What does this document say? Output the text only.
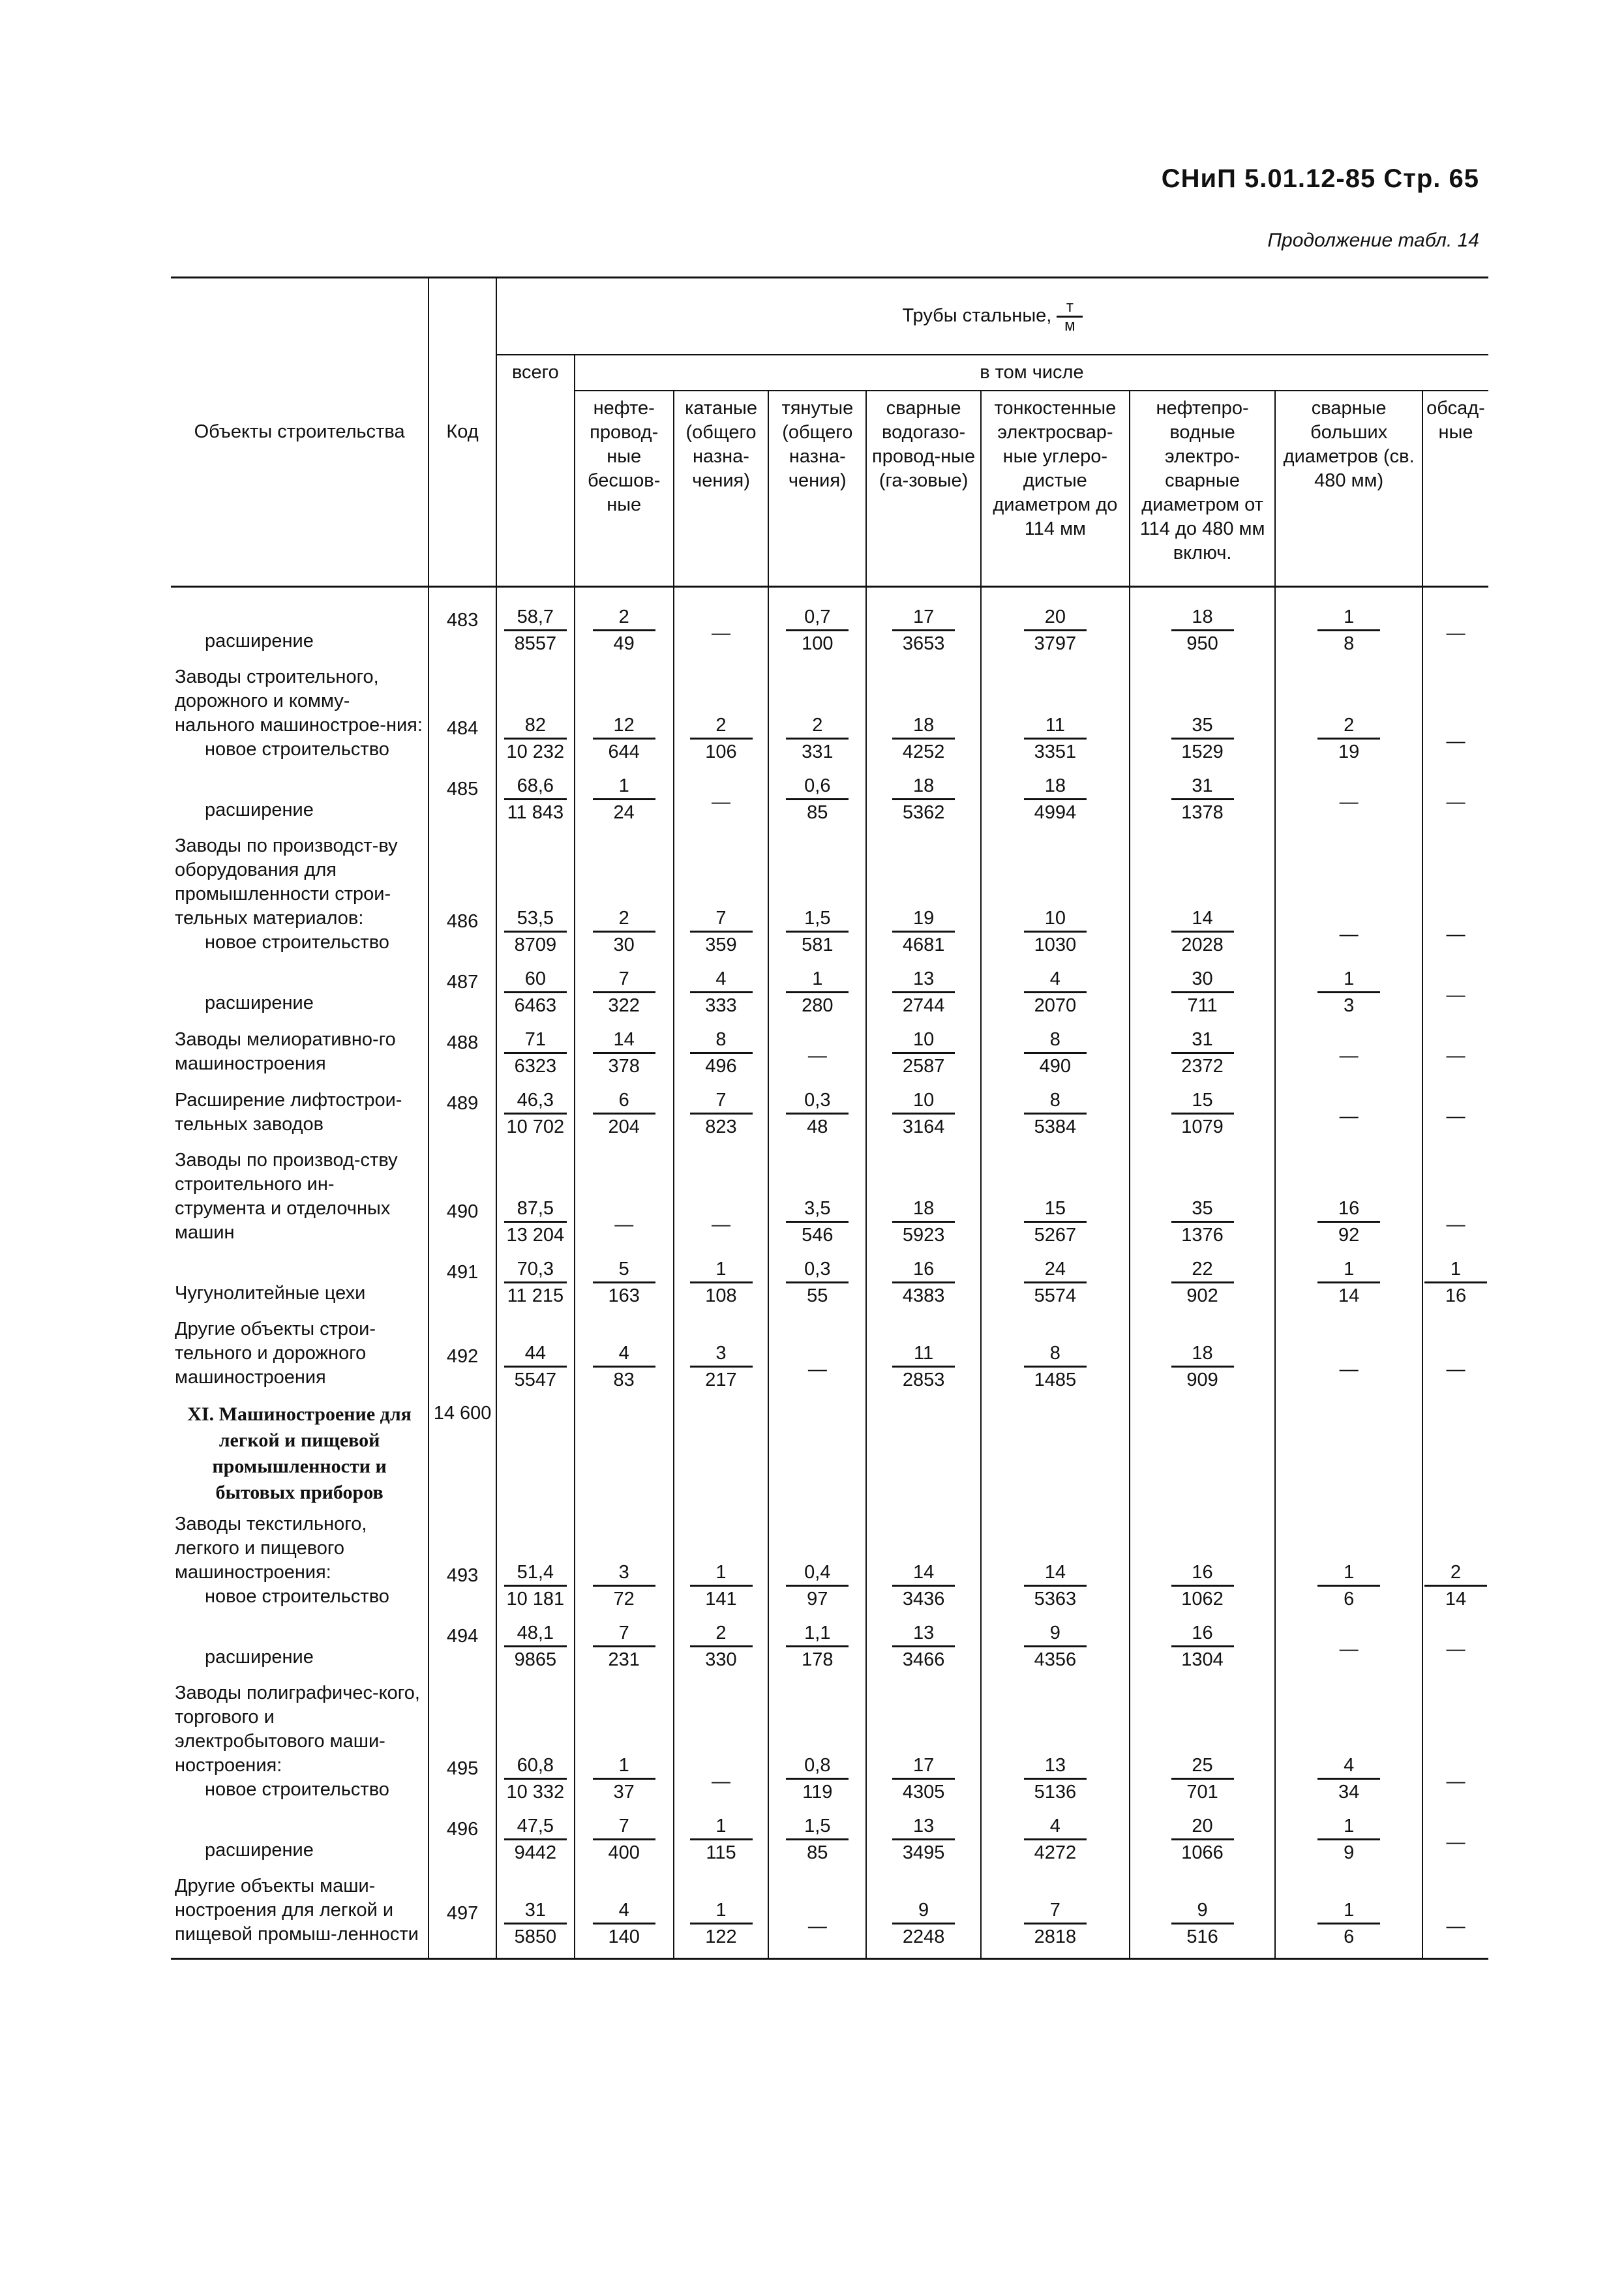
СНиП 5.01.12-85 Стр. 65
Продолжение табл. 14
Объекты строительства	Код	Трубы стальные, $\frac{т}{м}$

		всего	в том числе							
			нефте-провод-ные бесшов-ные	катаные (общего назна-чения)	тянутые (общего назна-чения)	сварные водогазо-провод-ные (га-зовые)	тонкостенные электросвар-ные углеро-дистые диаметром до 114 мм	нефтепро-водные электро-сварные диаметром от 114 до 480 мм включ.	сварные больших диаметров (св. 480 мм)	обсад-ные

расширение	483	$\frac{58,7}{8557}$	$\frac{2}{49}$	—	$\frac{0,7}{100}$	$\frac{17}{3653}$	$\frac{20}{3797}$	$\frac{18}{950}$	$\frac{1}{8}$	—

Заводы строительного, дорожного и комму-нального машинострое-ния:
новое строительство	484	$\frac{82}{10 232}$	$\frac{12}{644}$	$\frac{2}{106}$	$\frac{2}{331}$	$\frac{18}{4252}$	$\frac{11}{3351}$	$\frac{35}{1529}$	$\frac{2}{19}$	—

расширение	485	$\frac{68,6}{11 843}$	$\frac{1}{24}$	—	$\frac{0,6}{85}$	$\frac{18}{5362}$	$\frac{18}{4994}$	$\frac{31}{1378}$	—	—

Заводы по производст-ву оборудования для промышленности строи-тельных материалов:
новое строительство	486	$\frac{53,5}{8709}$	$\frac{2}{30}$	$\frac{7}{359}$	$\frac{1,5}{581}$	$\frac{19}{4681}$	$\frac{10}{1030}$	$\frac{14}{2028}$	—	—

расширение	487	$\frac{60}{6463}$	$\frac{7}{322}$	$\frac{4}{333}$	$\frac{1}{280}$	$\frac{13}{2744}$	$\frac{4}{2070}$	$\frac{30}{711}$	$\frac{1}{3}$	—

Заводы мелиоративно-го машиностроения	488	$\frac{71}{6323}$	$\frac{14}{378}$	$\frac{8}{496}$	—	$\frac{10}{2587}$	$\frac{8}{490}$	$\frac{31}{2372}$	—	—

Расширение лифтострои-тельных заводов	489	$\frac{46,3}{10 702}$	$\frac{6}{204}$	$\frac{7}{823}$	$\frac{0,3}{48}$	$\frac{10}{3164}$	$\frac{8}{5384}$	$\frac{15}{1079}$	—	—

Заводы по производ-ству строительного ин-струмента и отделочных машин	490	$\frac{87,5}{13 204}$	—	—	$\frac{3,5}{546}$	$\frac{18}{5923}$	$\frac{15}{5267}$	$\frac{35}{1376}$	$\frac{16}{92}$	—

Чугунолитейные цехи	491	$\frac{70,3}{11 215}$	$\frac{5}{163}$	$\frac{1}{108}$	$\frac{0,3}{55}$	$\frac{16}{4383}$	$\frac{24}{5574}$	$\frac{22}{902}$	$\frac{1}{14}$	$\frac{1}{16}$

Другие объекты строи-тельного и дорожного машиностроения	492	$\frac{44}{5547}$	$\frac{4}{83}$	$\frac{3}{217}$	—	$\frac{11}{2853}$	$\frac{8}{1485}$	$\frac{18}{909}$	—	—

XI. Машиностроение для легкой и пищевой промышленности и бытовых приборов	14 600									

Заводы текстильного, легкого и пищевого машиностроения:
новое строительство	493	$\frac{51,4}{10 181}$	$\frac{3}{72}$	$\frac{1}{141}$	$\frac{0,4}{97}$	$\frac{14}{3436}$	$\frac{14}{5363}$	$\frac{16}{1062}$	$\frac{1}{6}$	$\frac{2}{14}$

расширение	494	$\frac{48,1}{9865}$	$\frac{7}{231}$	$\frac{2}{330}$	$\frac{1,1}{178}$	$\frac{13}{3466}$	$\frac{9}{4356}$	$\frac{16}{1304}$	—	—

Заводы полиграфичес-кого, торгового и электробытового маши-ностроения:
новое строительство	495	$\frac{60,8}{10 332}$	$\frac{1}{37}$	—	$\frac{0,8}{119}$	$\frac{17}{4305}$	$\frac{13}{5136}$	$\frac{25}{701}$	$\frac{4}{34}$	—

расширение	496	$\frac{47,5}{9442}$	$\frac{7}{400}$	$\frac{1}{115}$	$\frac{1,5}{85}$	$\frac{13}{3495}$	$\frac{4}{4272}$	$\frac{20}{1066}$	$\frac{1}{9}$	—

Другие объекты маши-ностроения для легкой и пищевой промыш-ленности	497	$\frac{31}{5850}$	$\frac{4}{140}$	$\frac{1}{122}$	—	$\frac{9}{2248}$	$\frac{7}{2818}$	$\frac{9}{516}$	$\frac{1}{6}$	—
